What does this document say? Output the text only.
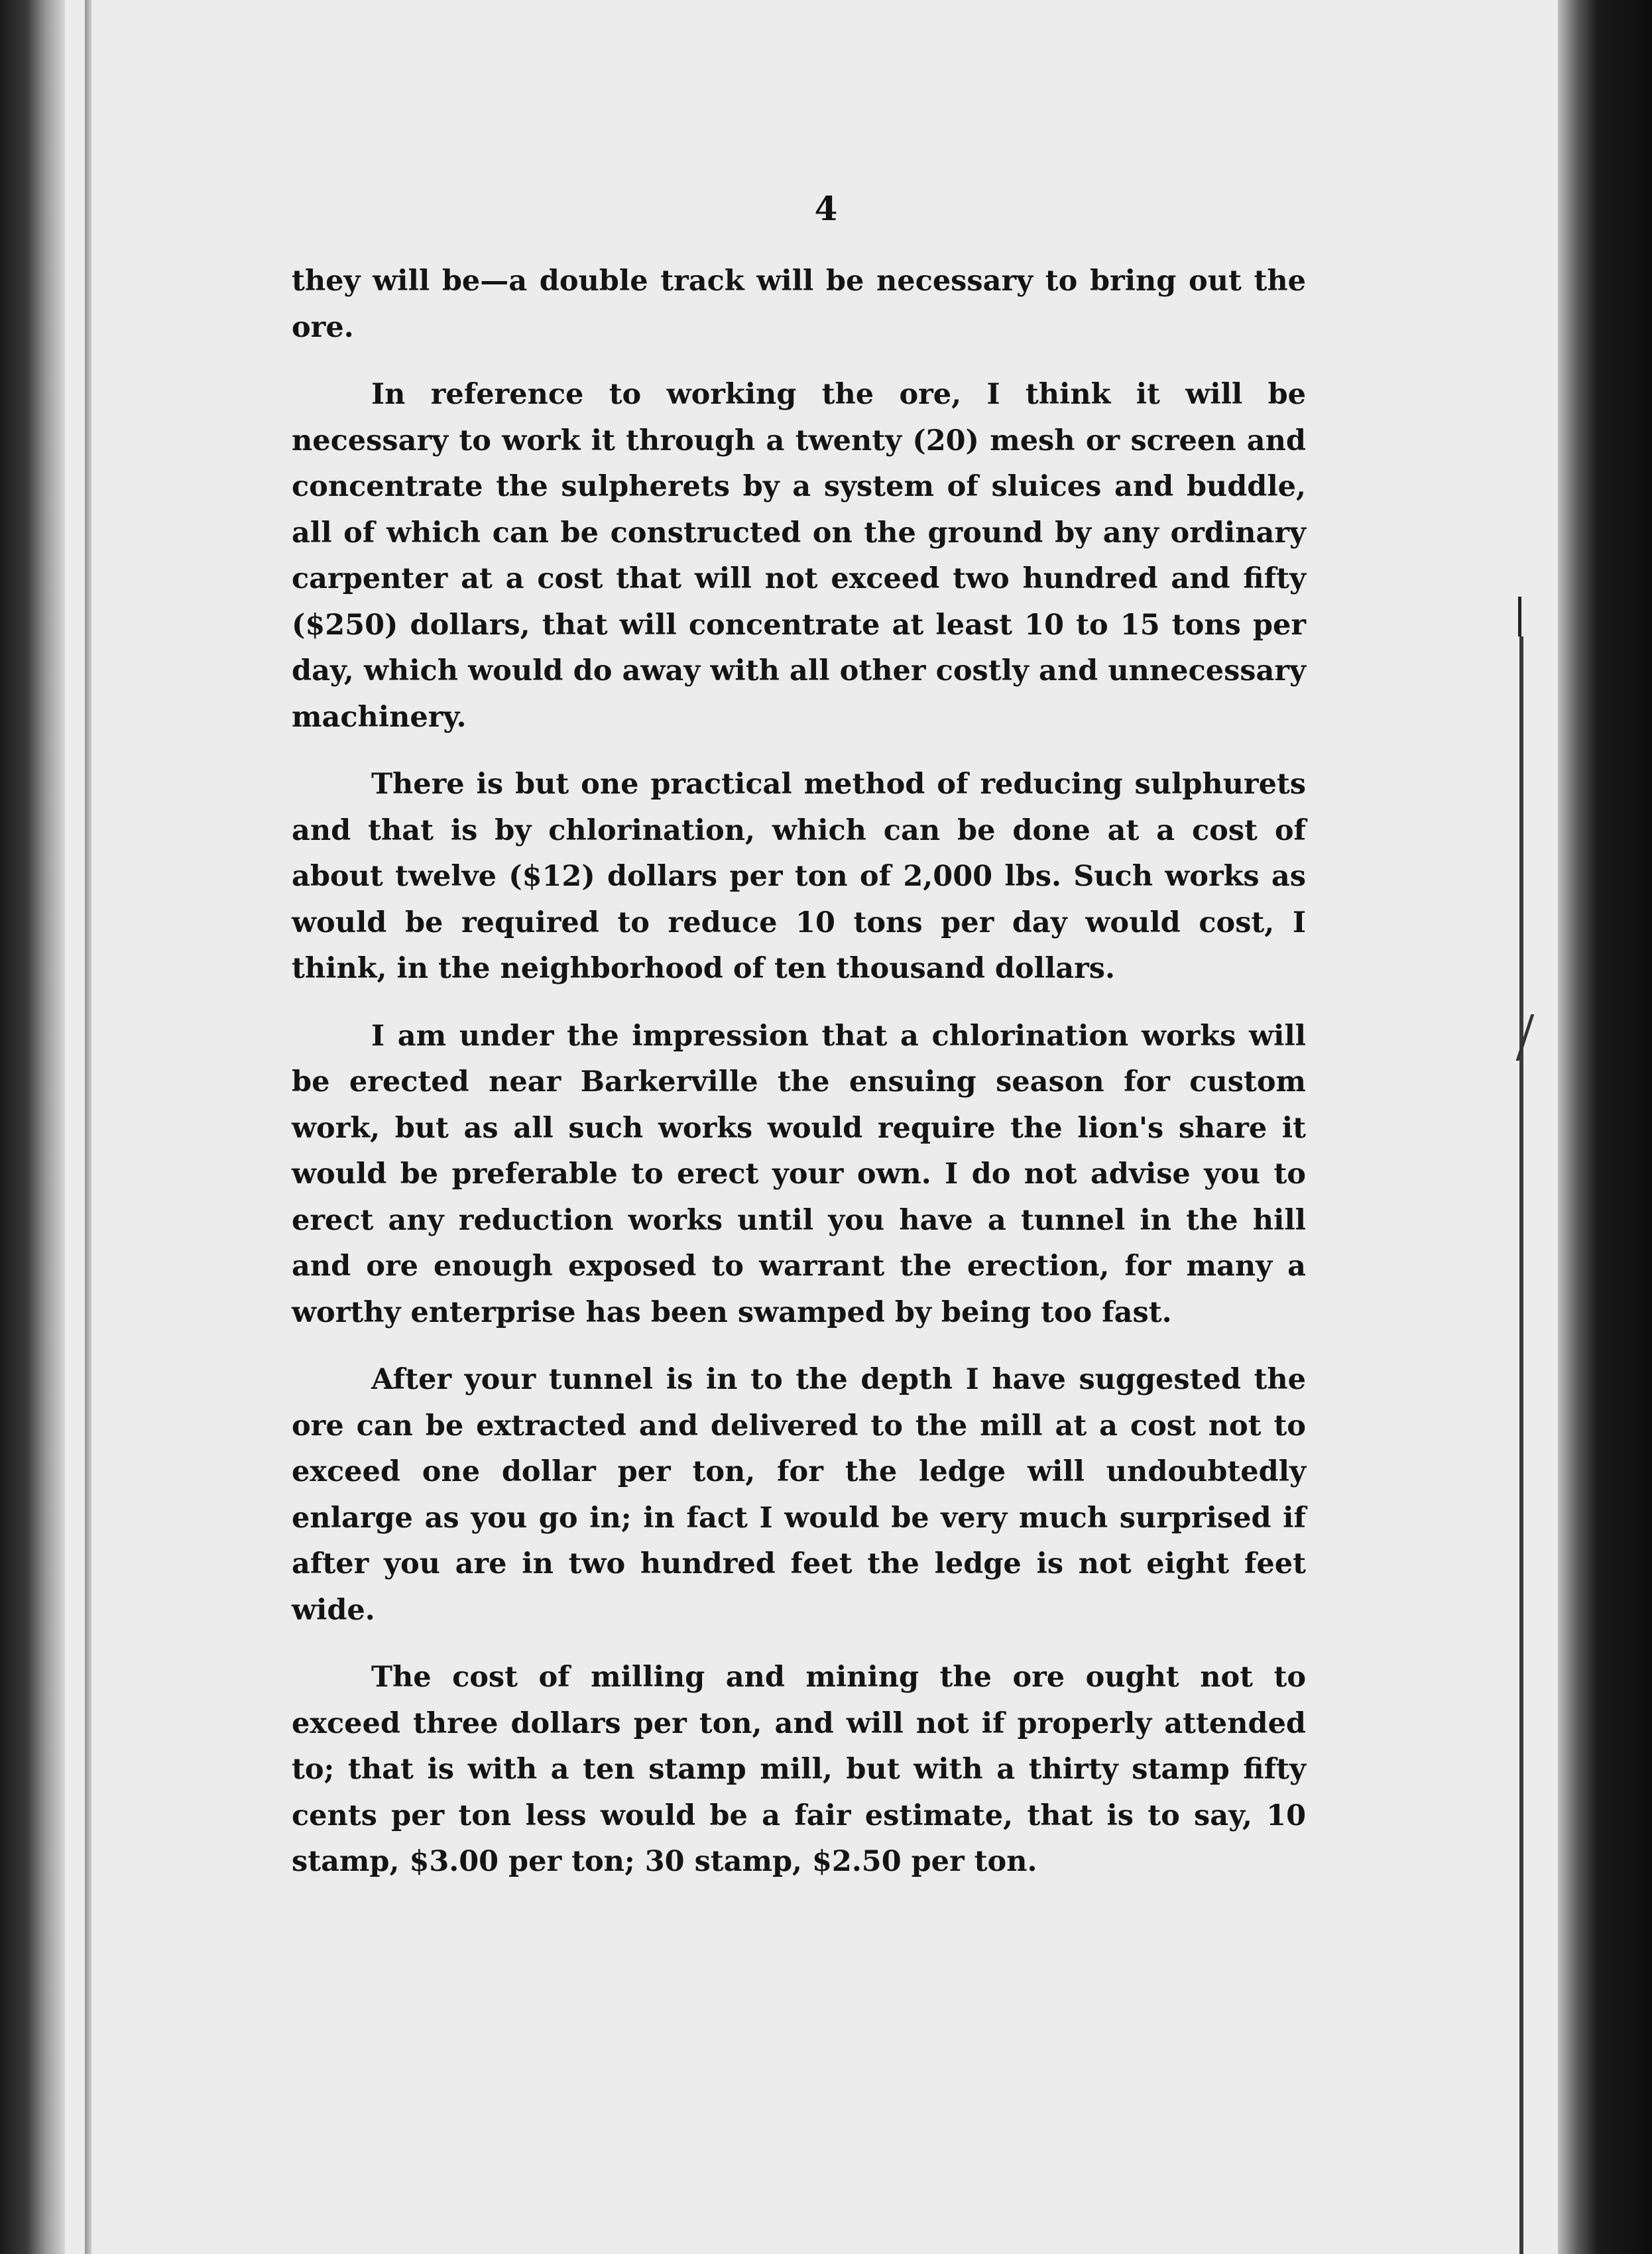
4

they will be—a double track will be necessary to bring out the ore.

In reference to working the ore, I think it will be necessary to work it through a twenty (20) mesh or screen and concentrate the sulpherets by a system of sluices and buddle, all of which can be constructed on the ground by any ordinary carpenter at a cost that will not exceed two hundred and fifty ($250) dollars, that will concentrate at least 10 to 15 tons per day, which would do away with all other costly and unnecessary machinery.

There is but one practical method of reducing sulphurets and that is by chlorination, which can be done at a cost of about twelve ($12) dollars per ton of 2,000 lbs. Such works as would be required to reduce 10 tons per day would cost, I think, in the neighborhood of ten thousand dollars.

I am under the impression that a chlorination works will be erected near Barkerville the ensuing season for custom work, but as all such works would require the lion's share it would be preferable to erect your own. I do not advise you to erect any reduction works until you have a tunnel in the hill and ore enough exposed to warrant the erection, for many a worthy enterprise has been swamped by being too fast.

After your tunnel is in to the depth I have suggested the ore can be extracted and delivered to the mill at a cost not to exceed one dollar per ton, for the ledge will undoubtedly enlarge as you go in; in fact I would be very much surprised if after you are in two hundred feet the ledge is not eight feet wide.

The cost of milling and mining the ore ought not to exceed three dollars per ton, and will not if properly attended to; that is with a ten stamp mill, but with a thirty stamp fifty cents per ton less would be a fair estimate, that is to say, 10 stamp, $3.00 per ton; 30 stamp, $2.50 per ton.
